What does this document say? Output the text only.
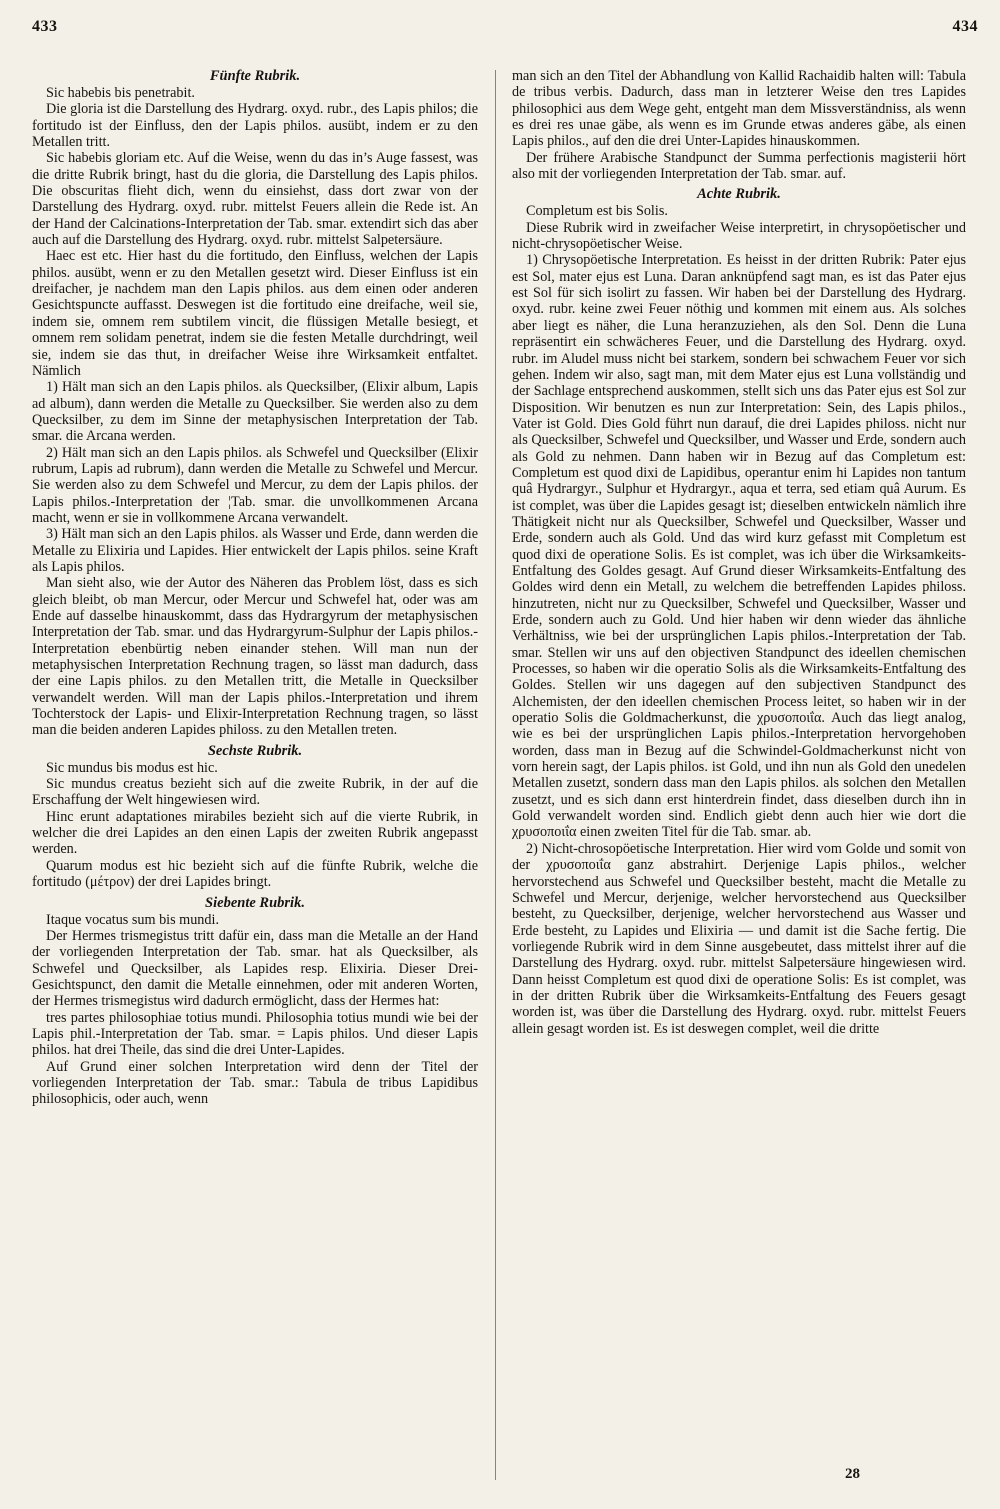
433	434
Fünfte Rubrik.

Sic habebis bis penetrabit.

Die gloria ist die Darstellung des Hydrarg. oxyd. rubr., des Lapis philos; die fortitudo ist der Einfluss, den der Lapis philos. ausübt, indem er zu den Metallen tritt.

Sic habebis gloriam etc. Auf die Weise, wenn du das in’s Auge fassest, was die dritte Rubrik bringt, hast du die gloria, die Darstellung des Lapis philos. Die obscuritas flieht dich, wenn du einsiehst, dass dort zwar von der Darstellung des Hydrarg. oxyd. rubr. mittelst Feuers allein die Rede ist. An der Hand der Calcinations-Interpretation der Tab. smar. extendirt sich das aber auch auf die Darstellung des Hydrarg. oxyd. rubr. mittelst Salpetersäure.

Haec est etc. Hier hast du die fortitudo, den Einfluss, welchen der Lapis philos. ausübt, wenn er zu den Metallen gesetzt wird. Dieser Einfluss ist ein dreifacher, je nachdem man den Lapis philos. aus dem einen oder anderen Gesichtspuncte auffasst. Deswegen ist die fortitudo eine dreifache, weil sie, indem sie, omnem rem subtilem vincit, die flüssigen Metalle besiegt, et omnem rem solidam penetrat, indem sie die festen Metalle durchdringt, weil sie, indem sie das thut, in dreifacher Weise ihre Wirksamkeit entfaltet. Nämlich

1) Hält man sich an den Lapis philos. als Quecksilber, (Elixir album, Lapis ad album), dann werden die Metalle zu Quecksilber. Sie werden also zu dem Quecksilber, zu dem im Sinne der metaphysischen Interpretation der Tab. smar. die Arcana werden.

2) Hält man sich an den Lapis philos. als Schwefel und Quecksilber (Elixir rubrum, Lapis ad rubrum), dann werden die Metalle zu Schwefel und Mercur. Sie werden also zu dem Schwefel und Mercur, zu dem der Lapis philos. der Lapis philos.-Interpretation der ¦Tab. smar. die unvollkommenen Arcana macht, wenn er sie in vollkommene Arcana verwandelt.

3) Hält man sich an den Lapis philos. als Wasser und Erde, dann werden die Metalle zu Elixiria und Lapides. Hier entwickelt der Lapis philos. seine Kraft als Lapis philos.

Man sieht also, wie der Autor des Näheren das Problem löst, dass es sich gleich bleibt, ob man Mercur, oder Mercur und Schwefel hat, oder was am Ende auf dasselbe hinauskommt, dass das Hydrargyrum der metaphysischen Interpretation der Tab. smar. und das Hydrargyrum-Sulphur der Lapis philos.-Interpretation ebenbürtig neben einander stehen. Will man nun der metaphysischen Interpretation Rechnung tragen, so lässt man dadurch, dass der eine Lapis philos. zu den Metallen tritt, die Metalle in Quecksilber verwandelt werden. Will man der Lapis philos.-Interpretation und ihrem Tochterstock der Lapis- und Elixir-Interpretation Rechnung tragen, so lässt man die beiden anderen Lapides philoss. zu den Metallen treten.

Sechste Rubrik.

Sic mundus bis modus est hic.

Sic mundus creatus bezieht sich auf die zweite Rubrik, in der auf die Erschaffung der Welt hingewiesen wird.

Hinc erunt adaptationes mirabiles bezieht sich auf die vierte Rubrik, in welcher die drei Lapides an den einen Lapis der zweiten Rubrik angepasst werden.

Quarum modus est hic bezieht sich auf die fünfte Rubrik, welche die fortitudo (μέτρον) der drei Lapides bringt.

Siebente Rubrik.

Itaque vocatus sum bis mundi.

Der Hermes trismegistus tritt dafür ein, dass man die Metalle an der Hand der vorliegenden Interpretation der Tab. smar. hat als Quecksilber, als Schwefel und Quecksilber, als Lapides resp. Elixiria. Dieser Drei-Gesichtspunct, den damit die Metalle einnehmen, oder mit anderen Worten, der Hermes trismegistus wird dadurch ermöglicht, dass der Hermes hat:

tres partes philosophiae totius mundi. Philosophia totius mundi wie bei der Lapis phil.-Interpretation der Tab. smar. = Lapis philos. Und dieser Lapis philos. hat drei Theile, das sind die drei Unter-Lapides.

Auf Grund einer solchen Interpretation wird denn der Titel der vorliegenden Interpretation der Tab. smar.: Tabula de tribus Lapidibus philosophicis, oder auch, wenn

man sich an den Titel der Abhandlung von Kallid Rachaidib halten will: Tabula de tribus verbis. Dadurch, dass man in letzterer Weise den tres Lapides philosophici aus dem Wege geht, entgeht man dem Missverständniss, als wenn es drei res unae gäbe, als wenn es im Grunde etwas anderes gäbe, als einen Lapis philos., auf den die drei Unter-Lapides hinauskommen.

Der frühere Arabische Standpunct der Summa perfectionis magisterii hört also mit der vorliegenden Interpretation der Tab. smar. auf.

Achte Rubrik.

Completum est bis Solis.

Diese Rubrik wird in zweifacher Weise interpretirt, in chrysopöetischer und nicht-chrysopöetischer Weise.

1) Chrysopöetische Interpretation. Es heisst in der dritten Rubrik: Pater ejus est Sol, mater ejus est Luna. Daran anknüpfend sagt man, es ist das Pater ejus est Sol für sich isolirt zu fassen. Wir haben bei der Darstellung des Hydrarg. oxyd. rubr. keine zwei Feuer nöthig und kommen mit einem aus. Als solches aber liegt es näher, die Luna heranzuziehen, als den Sol. Denn die Luna repräsentirt ein schwächeres Feuer, und die Darstellung des Hydrarg. oxyd. rubr. im Aludel muss nicht bei starkem, sondern bei schwachem Feuer vor sich gehen. Indem wir also, sagt man, mit dem Mater ejus est Luna vollständig und der Sachlage entsprechend auskommen, stellt sich uns das Pater ejus est Sol zur Disposition. Wir benutzen es nun zur Interpretation: Sein, des Lapis philos., Vater ist Gold. Dies Gold führt nun darauf, die drei Lapides philoss. nicht nur als Quecksilber, Schwefel und Quecksilber, und Wasser und Erde, sondern auch als Gold zu nehmen. Dann haben wir in Bezug auf das Completum est: Completum est quod dixi de Lapidibus, operantur enim hi Lapides non tantum quâ Hydrargyr., Sulphur et Hydrargyr., aqua et terra, sed etiam quâ Aurum. Es ist complet, was über die Lapides gesagt ist; dieselben entwickeln nämlich ihre Thätigkeit nicht nur als Quecksilber, Schwefel und Quecksilber, Wasser und Erde, sondern auch als Gold. Und das wird kurz gefasst mit Completum est quod dixi de operatione Solis. Es ist complet, was ich über die Wirksamkeits-Entfaltung des Goldes gesagt. Auf Grund dieser Wirksamkeits-Entfaltung des Goldes wird denn ein Metall, zu welchem die betreffenden Lapides philoss. hinzutreten, nicht nur zu Quecksilber, Schwefel und Quecksilber, Wasser und Erde, sondern auch zu Gold. Und hier haben wir denn wieder das ähnliche Verhältniss, wie bei der ursprünglichen Lapis philos.-Interpretation der Tab. smar. Stellen wir uns auf den objectiven Standpunct des ideellen chemischen Processes, so haben wir die operatio Solis als die Wirksamkeits-Entfaltung des Goldes. Stellen wir uns dagegen auf den subjectiven Standpunct des Alchemisten, der den ideellen chemischen Process leitet, so haben wir in der operatio Solis die Goldmacherkunst, die χρυσοποιΐα. Auch das liegt analog, wie es bei der ursprünglichen Lapis philos.-Interpretation hervorgehoben worden, dass man in Bezug auf die Schwindel-Goldmacherkunst nicht von vorn herein sagt, der Lapis philos. ist Gold, und ihn nun als Gold den unedelen Metallen zusetzt, sondern dass man den Lapis philos. als solchen den Metallen zusetzt, und es sich dann erst hinterdrein findet, dass dieselben durch ihn in Gold verwandelt worden sind. Endlich giebt denn auch hier wie dort die χρυσοποιΐα einen zweiten Titel für die Tab. smar. ab.

2) Nicht-chrosopöetische Interpretation. Hier wird vom Golde und somit von der χρυσοποιΐα ganz abstrahirt. Derjenige Lapis philos., welcher hervorstechend aus Schwefel und Quecksilber besteht, macht die Metalle zu Schwefel und Mercur, derjenige, welcher hervorstechend aus Quecksilber besteht, zu Quecksilber, derjenige, welcher hervorstechend aus Wasser und Erde besteht, zu Lapides und Elixiria — und damit ist die Sache fertig. Die vorliegende Rubrik wird in dem Sinne ausgebeutet, dass mittelst ihrer auf die Darstellung des Hydrarg. oxyd. rubr. mittelst Salpetersäure hingewiesen wird. Dann heisst Completum est quod dixi de operatione Solis: Es ist complet, was in der dritten Rubrik über die Wirksamkeits-Entfaltung des Feuers gesagt worden ist, was über die Darstellung des Hydrarg. oxyd. rubr. mittelst Feuers allein gesagt worden ist. Es ist deswegen complet, weil die dritte

28
